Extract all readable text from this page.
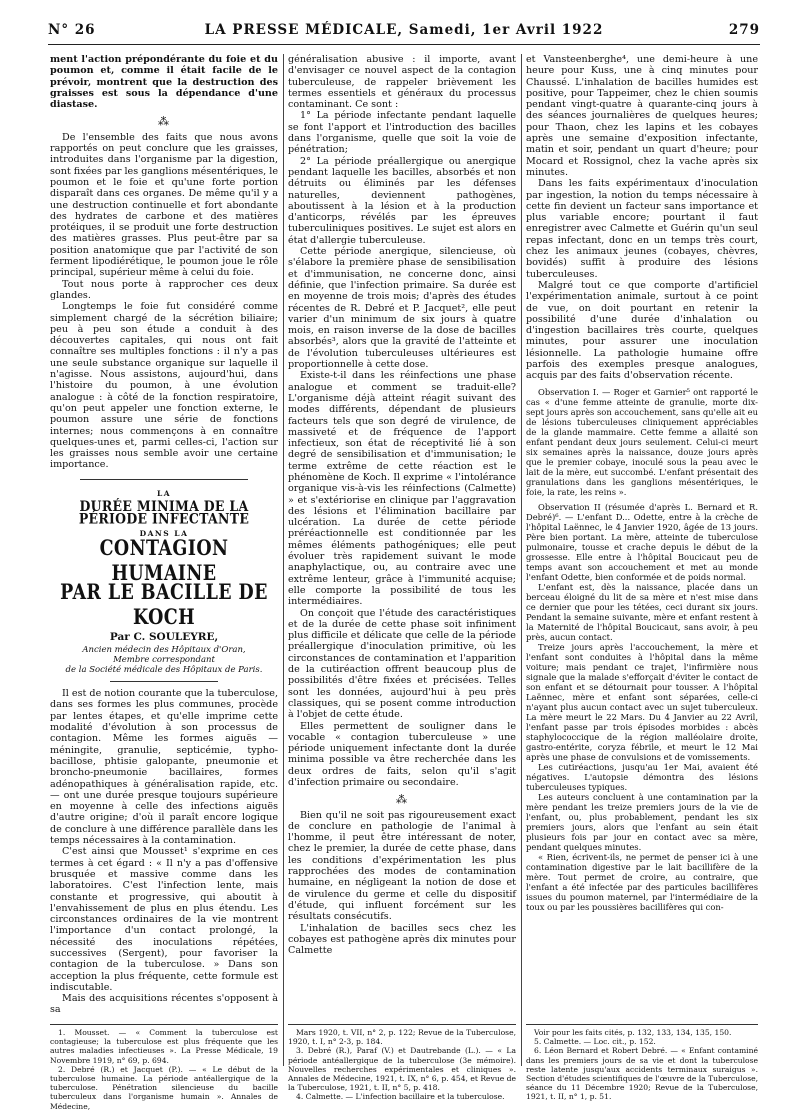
N° 26	LA PRESSE MÉDICALE, Samedi, 1er Avril 1922	279

ment l'action prépondérante du foie et du poumon et, comme il était facile de le prévoir, montrent que la destruction des graisses est sous la dépendance d'une diastase.

⁂

De l'ensemble des faits que nous avons rapportés on peut conclure que les graisses, introduites dans l'organisme par la digestion, sont fixées par les ganglions mésentériques, le poumon et le foie et qu'une forte portion disparaît dans ces organes. De même qu'il y a une destruction continuelle et fort abondante des hydrates de carbone et des matières protéiques, il se produit une forte destruction des matières grasses. Plus peut-être par sa position anatomique que par l'activité de son ferment lipodiérétique, le poumon joue le rôle principal, supérieur même à celui du foie.

Tout nous porte à rapprocher ces deux glandes.

Longtemps le foie fut considéré comme simplement chargé de la sécrétion biliaire; peu à peu son étude a conduit à des découvertes capitales, qui nous ont fait connaître ses multiples fonctions : il n'y a pas une seule substance organique sur laquelle il n'agisse. Nous assistons, aujourd'hui, dans l'histoire du poumon, à une évolution analogue : à côté de la fonction respiratoire, qu'on peut appeler une fonction externe, le poumon assure une série de fonctions internes; nous commençons à en connaître quelques-unes et, parmi celles-ci, l'action sur les graisses nous semble avoir une certaine importance.

LA
DURÉE MINIMA DE LA PÉRIODE INFECTANTE
DANS LA
CONTAGION HUMAINE
PAR LE BACILLE DE KOCH
Par C. SOULEYRE,
Ancien médecin des Hôpitaux d'Oran,
Membre correspondant
de la Société médicale des Hôpitaux de Paris.

Il est de notion courante que la tuberculose, dans ses formes les plus communes, procède par lentes étapes, et qu'elle imprime cette modalité d'évolution à son processus de contagion. Même les formes aiguës — méningite, granulie, septicémie, typho-bacillose, phtisie galopante, pneumonie et broncho-pneumonie bacillaires, formes adénopathiques à généralisation rapide, etc. — ont une durée presque toujours supérieure en moyenne à celle des infections aiguës d'autre origine; d'où il paraît encore logique de conclure à une différence parallèle dans les temps nécessaires à la contamination.

C'est ainsi que Mousset¹ s'exprime en ces termes à cet égard : « Il n'y a pas d'offensive brusquée et massive comme dans les laboratoires. C'est l'infection lente, mais constante et progressive, qui aboutit à l'envahissement de plus en plus étendu. Les circonstances ordinaires de la vie montrent l'importance d'un contact prolongé, la nécessité des inoculations répétées, successives (Sergent), pour favoriser la contagion de la tuberculose. » Dans son acception la plus fréquente, cette formule est indiscutable.

Mais des acquisitions récentes s'opposent à sa

généralisation abusive : il importe, avant d'envisager ce nouvel aspect de la contagion tuberculeuse, de rappeler brièvement les termes essentiels et généraux du processus contaminant. Ce sont :

1° La période infectante pendant laquelle se font l'apport et l'introduction des bacilles dans l'organisme, quelle que soit la voie de pénétration;

2° La période préallergique ou anergique pendant laquelle les bacilles, absorbés et non détruits ou éliminés par les défenses naturelles, deviennent pathogènes, aboutissent à la lésion et à la production d'anticorps, révélés par les épreuves tuberculiniques positives. Le sujet est alors en état d'allergie tuberculeuse.

Cette période anergique, silencieuse, où s'élabore la première phase de sensibilisation et d'immunisation, ne concerne donc, ainsi définie, que l'infection primaire. Sa durée est en moyenne de trois mois; d'après des études récentes de R. Debré et P. Jacquet², elle peut varier d'un minimum de six jours à quatre mois, en raison inverse de la dose de bacilles absorbés³, alors que la gravité de l'atteinte et de l'évolution tuberculeuses ultérieures est proportionnelle à cette dose.

Existe-t-il dans les réinfections une phase analogue et comment se traduit-elle? L'organisme déjà atteint réagit suivant des modes différents, dépendant de plusieurs facteurs tels que son degré de virulence, de massiveté et de fréquence de l'apport infectieux, son état de réceptivité lié à son degré de sensibilisation et d'immunisation; le terme extrême de cette réaction est le phénomène de Koch. Il exprime « l'intolérance organique vis-à-vis les réinfections (Calmette) » et s'extériorise en clinique par l'aggravation des lésions et l'élimination bacillaire par ulcération. La durée de cette période préréactionnelle est conditionnée par les mêmes éléments pathogéniques; elle peut évoluer très rapidement suivant le mode anaphylactique, ou, au contraire avec une extrême lenteur, grâce à l'immunité acquise; elle comporte la possibilité de tous les intermédiaires.

On conçoit que l'étude des caractéristiques et de la durée de cette phase soit infiniment plus difficile et délicate que celle de la période préallergique d'inoculation primitive, où les circonstances de contamination et l'apparition de la cutiréaction offrent beaucoup plus de possibilités d'être fixées et précisées. Telles sont les données, aujourd'hui à peu près classiques, qui se posent comme introduction à l'objet de cette étude.

Elles permettent de souligner dans le vocable « contagion tuberculeuse » une période uniquement infectante dont la durée minima possible va être recherchée dans les deux ordres de faits, selon qu'il s'agit d'infection primaire ou secondaire.

⁂

Bien qu'il ne soit pas rigoureusement exact de conclure en pathologie de l'animal à l'homme, il peut être intéressant de noter, chez le premier, la durée de cette phase, dans les conditions d'expérimentation les plus rapprochées des modes de contamination humaine, en négligeant la notion de dose et de virulence du germe et celle du dispositif d'étude, qui influent forcément sur les résultats consécutifs.

L'inhalation de bacilles secs chez les cobayes est pathogène après dix minutes pour Calmette

et Vansteenberghe⁴, une demi-heure à une heure pour Kuss, une à cinq minutes pour Chaussé. L'inhalation de bacilles humides est positive, pour Tappeimer, chez le chien soumis pendant vingt-quatre à quarante-cinq jours à des séances journalières de quelques heures; pour Thaon, chez les lapins et les cobayes après une semaine d'exposition infectante, matin et soir, pendant un quart d'heure; pour Mocard et Rossignol, chez la vache après six minutes.

Dans les faits expérimentaux d'inoculation par ingestion, la notion du temps nécessaire à cette fin devient un facteur sans importance et plus variable encore; pourtant il faut enregistrer avec Calmette et Guérin qu'un seul repas infectant, donc en un temps très court, chez les animaux jeunes (cobayes, chèvres, bovidés) suffit à produire des lésions tuberculeuses.

Malgré tout ce que comporte d'artificiel l'expérimentation animale, surtout à ce point de vue, on doit pourtant en retenir la possibilité d'une durée d'inhalation ou d'ingestion bacillaires très courte, quelques minutes, pour assurer une inoculation lésionnelle. La pathologie humaine offre parfois des exemples presque analogues, acquis par des faits d'observation récente.

Observation I. — Roger et Garnier⁵ ont rapporté le cas « d'une femme atteinte de granulie, morte dix-sept jours après son accouchement, sans qu'elle ait eu de lésions tuberculeuses cliniquement appréciables de la glande mammaire. Cette femme a allaité son enfant pendant deux jours seulement. Celui-ci meurt six semaines après la naissance, douze jours après que le premier cobaye, inoculé sous la peau avec le lait de la mère, eut succombé. L'enfant présentait des granulations dans les ganglions mésentériques, le foie, la rate, les reins ».

Observation II (résumée d'après L. Bernard et R. Debré)⁶. — L'enfant D... Odette, entre à la crèche de l'hôpital Laënnec, le 4 Janvier 1920, âgée de 13 jours. Père bien portant. La mère, atteinte de tuberculose pulmonaire, tousse et crache depuis le début de la grossesse. Elle entre à l'hôpital Boucicaut peu de temps avant son accouchement et met au monde l'enfant Odette, bien conformée et de poids normal.

L'enfant est, dès la naissance, placée dans un berceau éloigné du lit de sa mère et n'est mise dans ce dernier que pour les tétées, ceci durant six jours. Pendant la semaine suivante, mère et enfant restent à la Maternité de l'hôpital Boucicaut, sans avoir, à peu près, aucun contact.

Treize jours après l'accouchement, la mère et l'enfant sont conduites à l'hôpital dans la même voiture; mais pendant ce trajet, l'infirmière nous signale que la malade s'efforçait d'éviter le contact de son enfant et se détournait pour tousser. A l'hôpital Laënnec, mère et enfant sont séparées, celle-ci n'ayant plus aucun contact avec un sujet tuberculeux. La mère meurt le 22 Mars. Du 4 Janvier au 22 Avril, l'enfant passe par trois épisodes morbides : abcès staphylococcique de la région malléolaire droite, gastro-entérite, coryza fébrile, et meurt le 12 Mai après une phase de convulsions et de vomissements.

Les cutiréactions, jusqu'au 1er Mai, avaient été négatives. L'autopsie démontra des lésions tuberculeuses typiques.

Les auteurs concluent à une contamination par la mère pendant les treize premiers jours de la vie de l'enfant, ou, plus probablement, pendant les six premiers jours, alors que l'enfant au sein était plusieurs fois par jour en contact avec sa mère, pendant quelques minutes.

« Rien, écrivent-ils, ne permet de penser ici à une contamination digestive par le lait bacillifère de la mère. Tout permet de croire, au contraire, que l'enfant a été infectée par des particules bacillifères issues du poumon maternel, par l'intermédiaire de la toux ou par les poussières bacillifères qui con-

1. Mousset. — « Comment la tuberculose est contagieuse; la tuberculose est plus fréquente que les autres maladies infectieuses ». La Presse Médicale, 19 Novembre 1919, n° 69, p. 694.

2. Debré (R.) et Jacquet (P.). — « Le début de la tuberculose humaine. La période antéallergique de la tuberculose. Pénétration silencieuse du bacille tuberculeux dans l'organisme humain ». Annales de Médecine,

Mars 1920, t. VII, n° 2, p. 122; Revue de la Tuberculose, 1920, t. I, n° 2-3, p. 184.

3. Debré (R.), Paraf (V.) et Dautrebande (L.). — « La période antéallergique de la tuberculose (3e mémoire). Nouvelles recherches expérimentales et cliniques ». Annales de Médecine, 1921, t. IX, n° 6, p. 454, et Revue de la Tuberculose, 1921, t. II, n° 5, p. 418.

4. Calmette. — L'infection bacillaire et la tuberculose.

Voir pour les faits cités, p. 132, 133, 134, 135, 150.

5. Calmette. — Loc. cit., p. 152.

6. Léon Bernard et Robert Debré. — « Enfant contaminé dans les premiers jours de sa vie et dont la tuberculose reste latente jusqu'aux accidents terminaux suraigus ». Section d'études scientifiques de l'œuvre de la Tuberculose, séance du 11 Décembre 1920; Revue de la Tuberculose, 1921, t. II, n° 1, p. 51.
